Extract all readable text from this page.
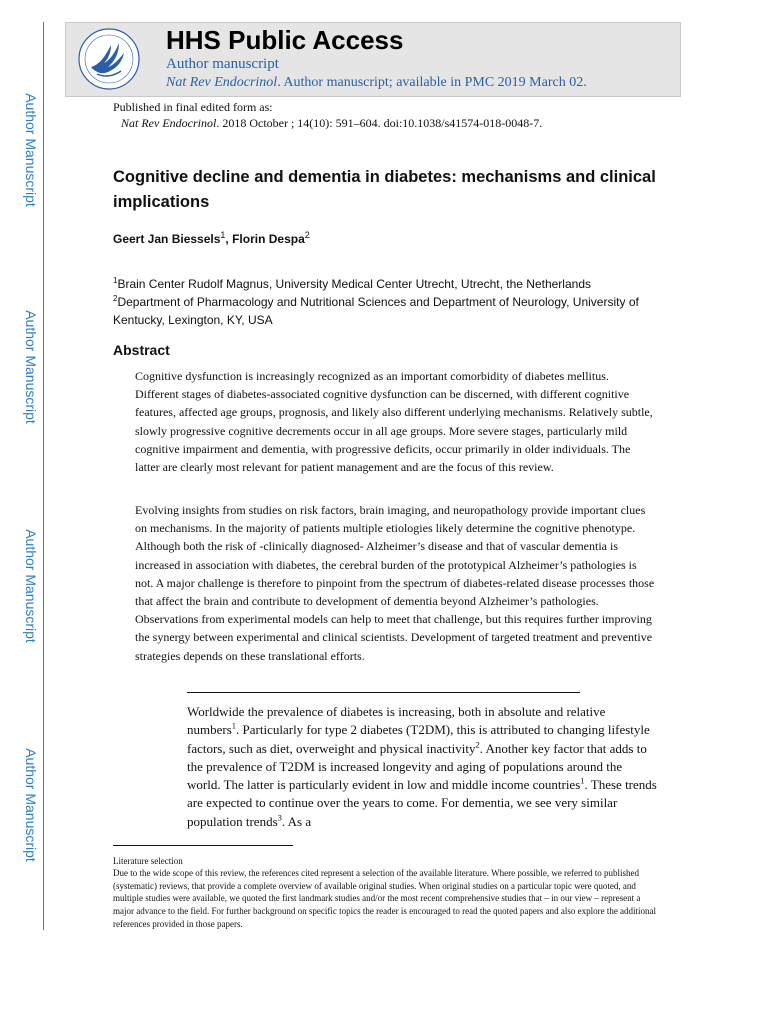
Author Manuscript
Author Manuscript
Author Manuscript
Author Manuscript
HHS Public Access
Author manuscript
Nat Rev Endocrinol. Author manuscript; available in PMC 2019 March 02.
Published in final edited form as:
Nat Rev Endocrinol. 2018 October ; 14(10): 591–604. doi:10.1038/s41574-018-0048-7.
Cognitive decline and dementia in diabetes: mechanisms and clinical implications
Geert Jan Biessels$^1$, Florin Despa$^2$
$^1$Brain Center Rudolf Magnus, University Medical Center Utrecht, Utrecht, the Netherlands
$^2$Department of Pharmacology and Nutritional Sciences and Department of Neurology, University of Kentucky, Lexington, KY, USA
Abstract

Cognitive dysfunction is increasingly recognized as an important comorbidity of diabetes mellitus. Different stages of diabetes-associated cognitive dysfunction can be discerned, with different cognitive features, affected age groups, prognosis, and likely also different underlying mechanisms. Relatively subtle, slowly progressive cognitive decrements occur in all age groups. More severe stages, particularly mild cognitive impairment and dementia, with progressive deficits, occur primarily in older individuals. The latter are clearly most relevant for patient management and are the focus of this review.

Evolving insights from studies on risk factors, brain imaging, and neuropathology provide important clues on mechanisms. In the majority of patients multiple etiologies likely determine the cognitive phenotype. Although both the risk of -clinically diagnosed- Alzheimer’s disease and that of vascular dementia is increased in association with diabetes, the cerebral burden of the prototypical Alzheimer’s pathologies is not. A major challenge is therefore to pinpoint from the spectrum of diabetes-related disease processes those that affect the brain and contribute to development of dementia beyond Alzheimer’s pathologies. Observations from experimental models can help to meet that challenge, but this requires further improving the synergy between experimental and clinical scientists. Development of targeted treatment and preventive strategies depends on these translational efforts.

Worldwide the prevalence of diabetes is increasing, both in absolute and relative numbers$^1$. Particularly for type 2 diabetes (T2DM), this is attributed to changing lifestyle factors, such as diet, overweight and physical inactivity$^2$. Another key factor that adds to the prevalence of T2DM is increased longevity and aging of populations around the world. The latter is particularly evident in low and middle income countries$^1$. These trends are expected to continue over the years to come. For dementia, we see very similar population trends$^3$. As a

Literature selection

Due to the wide scope of this review, the references cited represent a selection of the available literature. Where possible, we referred to published (systematic) reviews, that provide a complete overview of available original studies. When original studies on a particular topic were quoted, and multiple studies were available, we quoted the first landmark studies and/or the most recent comprehensive studies that – in our view – represent a major advance to the field. For further background on specific topics the reader is encouraged to read the quoted papers and also explore the additional references provided in those papers.
